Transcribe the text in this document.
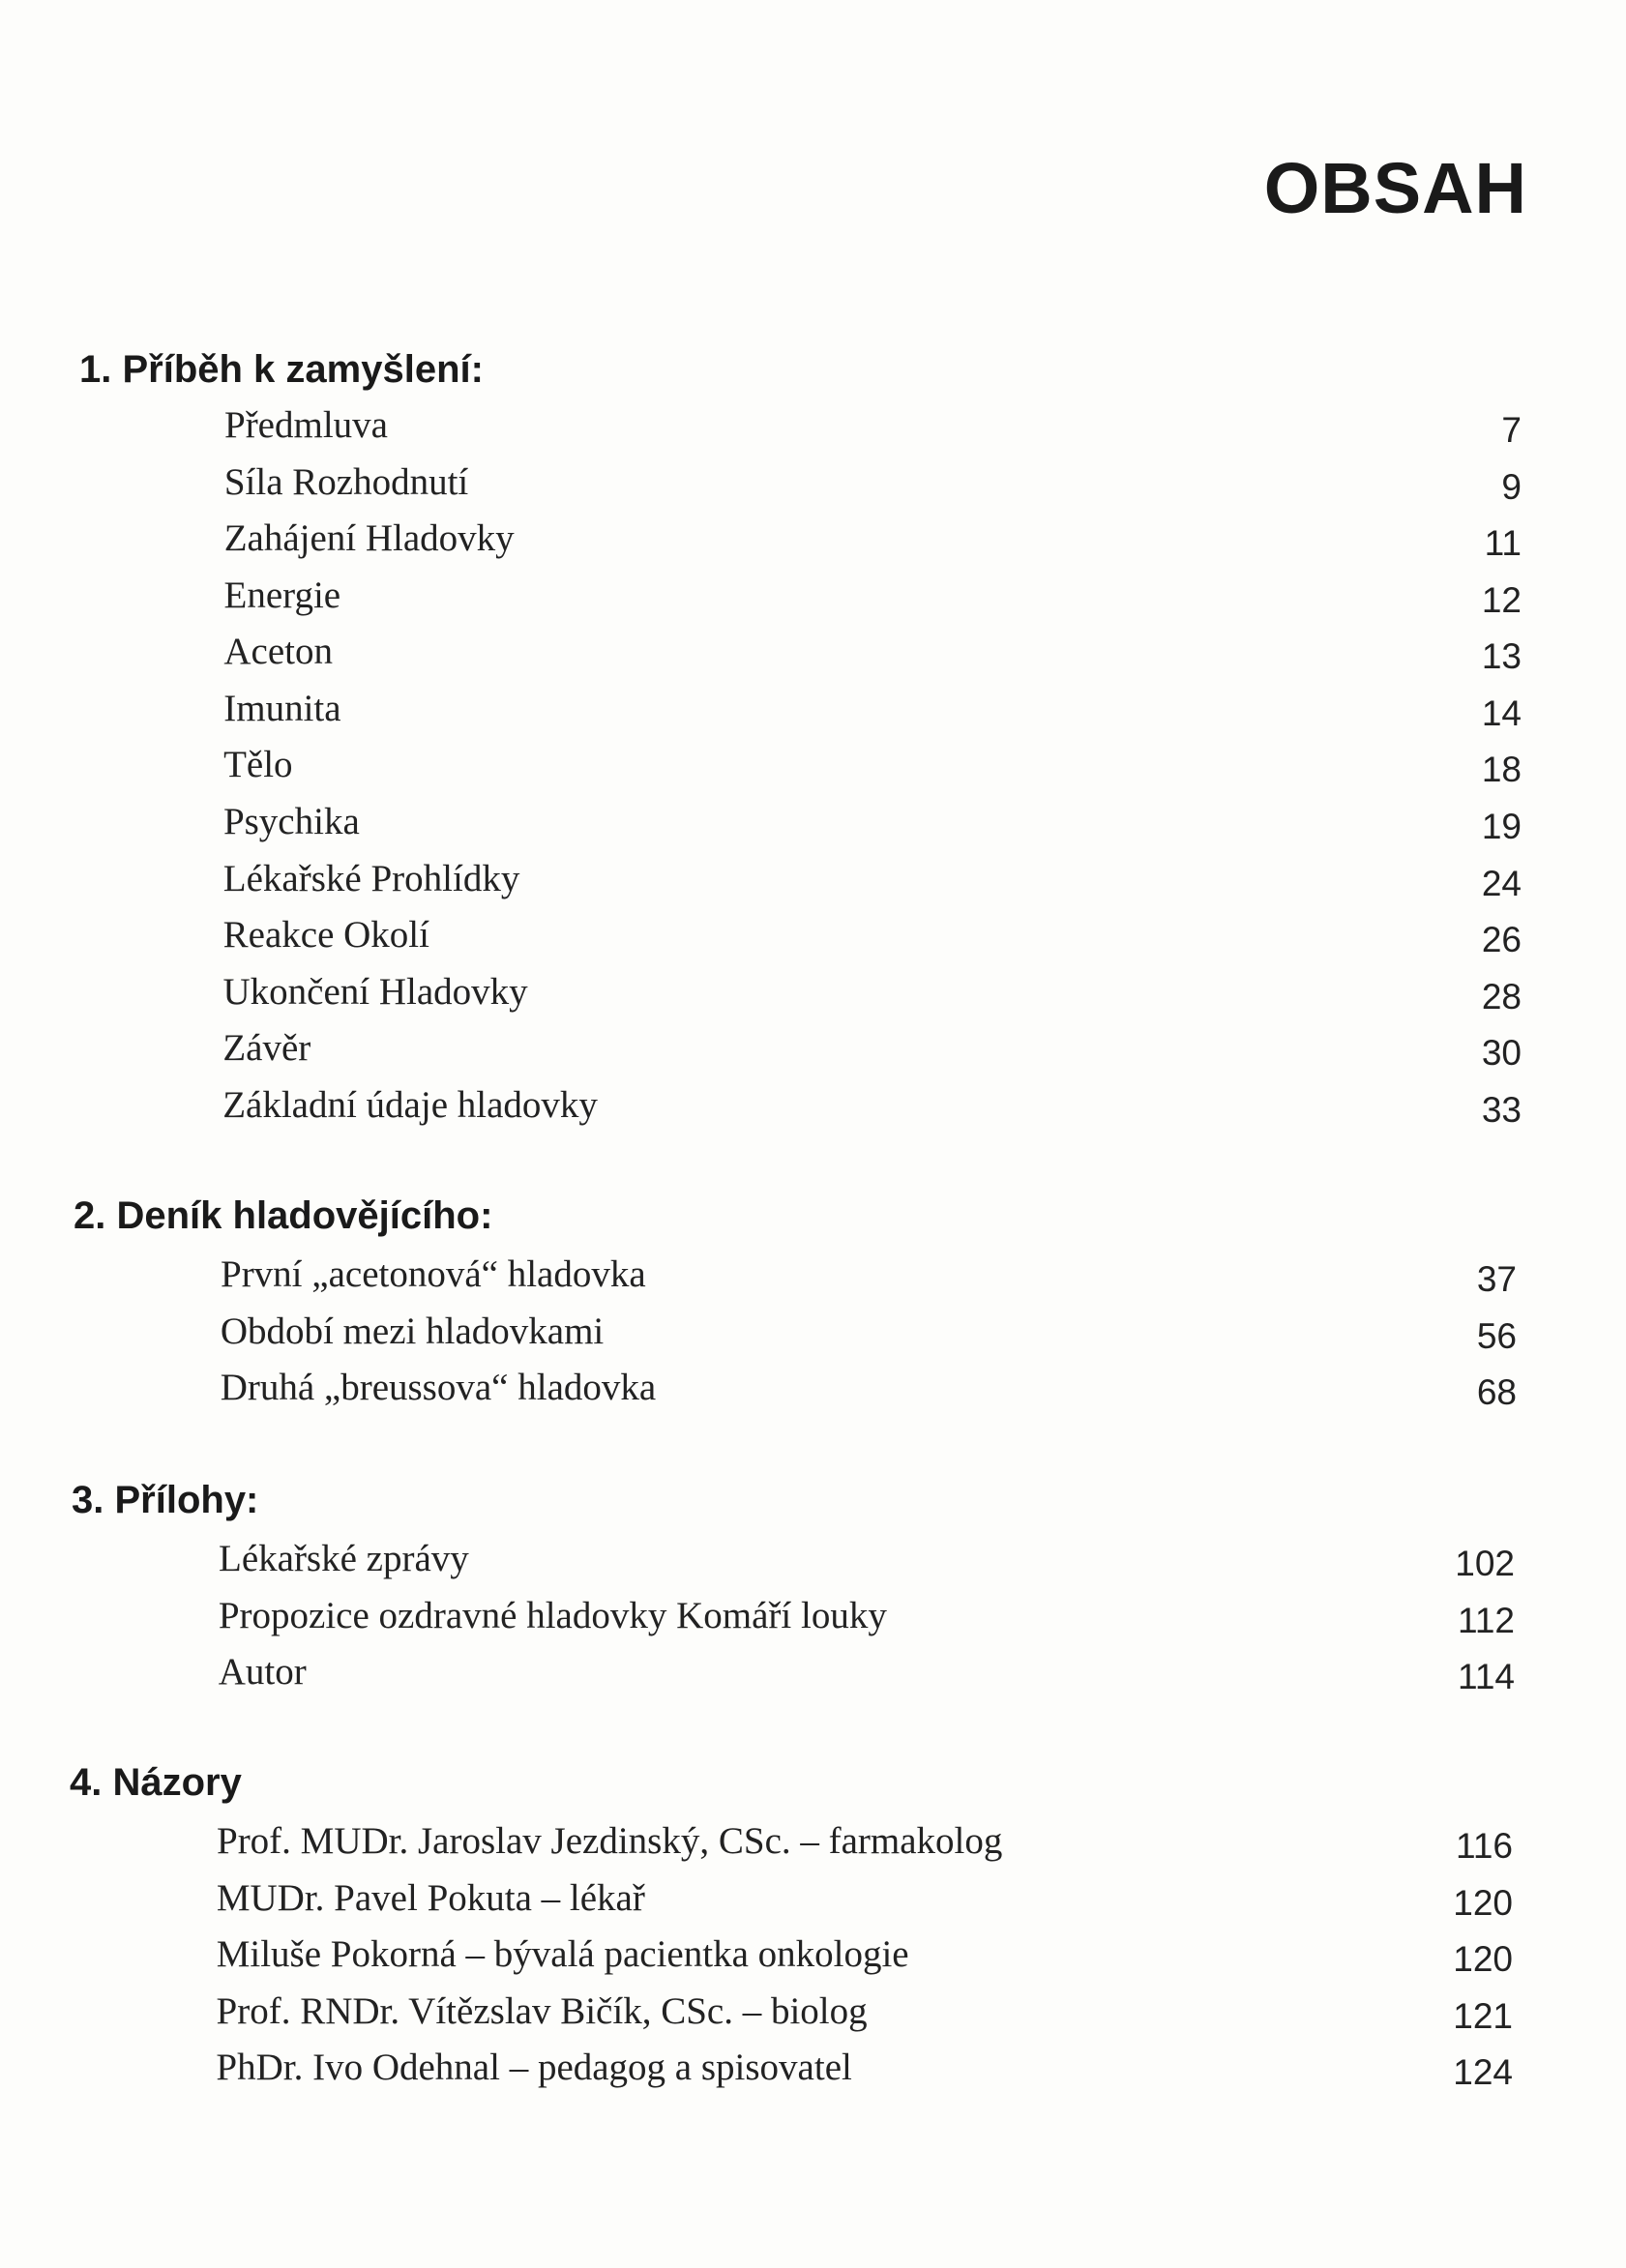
OBSAH
1. Příběh k zamyšlení:
Předmluva	7
Síla Rozhodnutí	9
Zahájení Hladovky	11
Energie	12
Aceton	13
Imunita	14
Tělo	18
Psychika	19
Lékařské Prohlídky	24
Reakce Okolí	26
Ukončení Hladovky	28
Závěr	30
Základní údaje hladovky	33
2. Deník hladovějícího:
První „acetonová“ hladovka	37
Období mezi hladovkami	56
Druhá „breussova“ hladovka	68
3. Přílohy:
Lékařské zprávy	102
Propozice ozdravné hladovky Komáří louky	112
Autor	114
4. Názory
Prof. MUDr. Jaroslav Jezdinský, CSc. – farmakolog	116
MUDr. Pavel Pokuta – lékař	120
Miluše Pokorná – bývalá pacientka onkologie	120
Prof. RNDr. Vítězslav Bičík, CSc. – biolog	121
PhDr. Ivo Odehnal – pedagog a spisovatel	124
